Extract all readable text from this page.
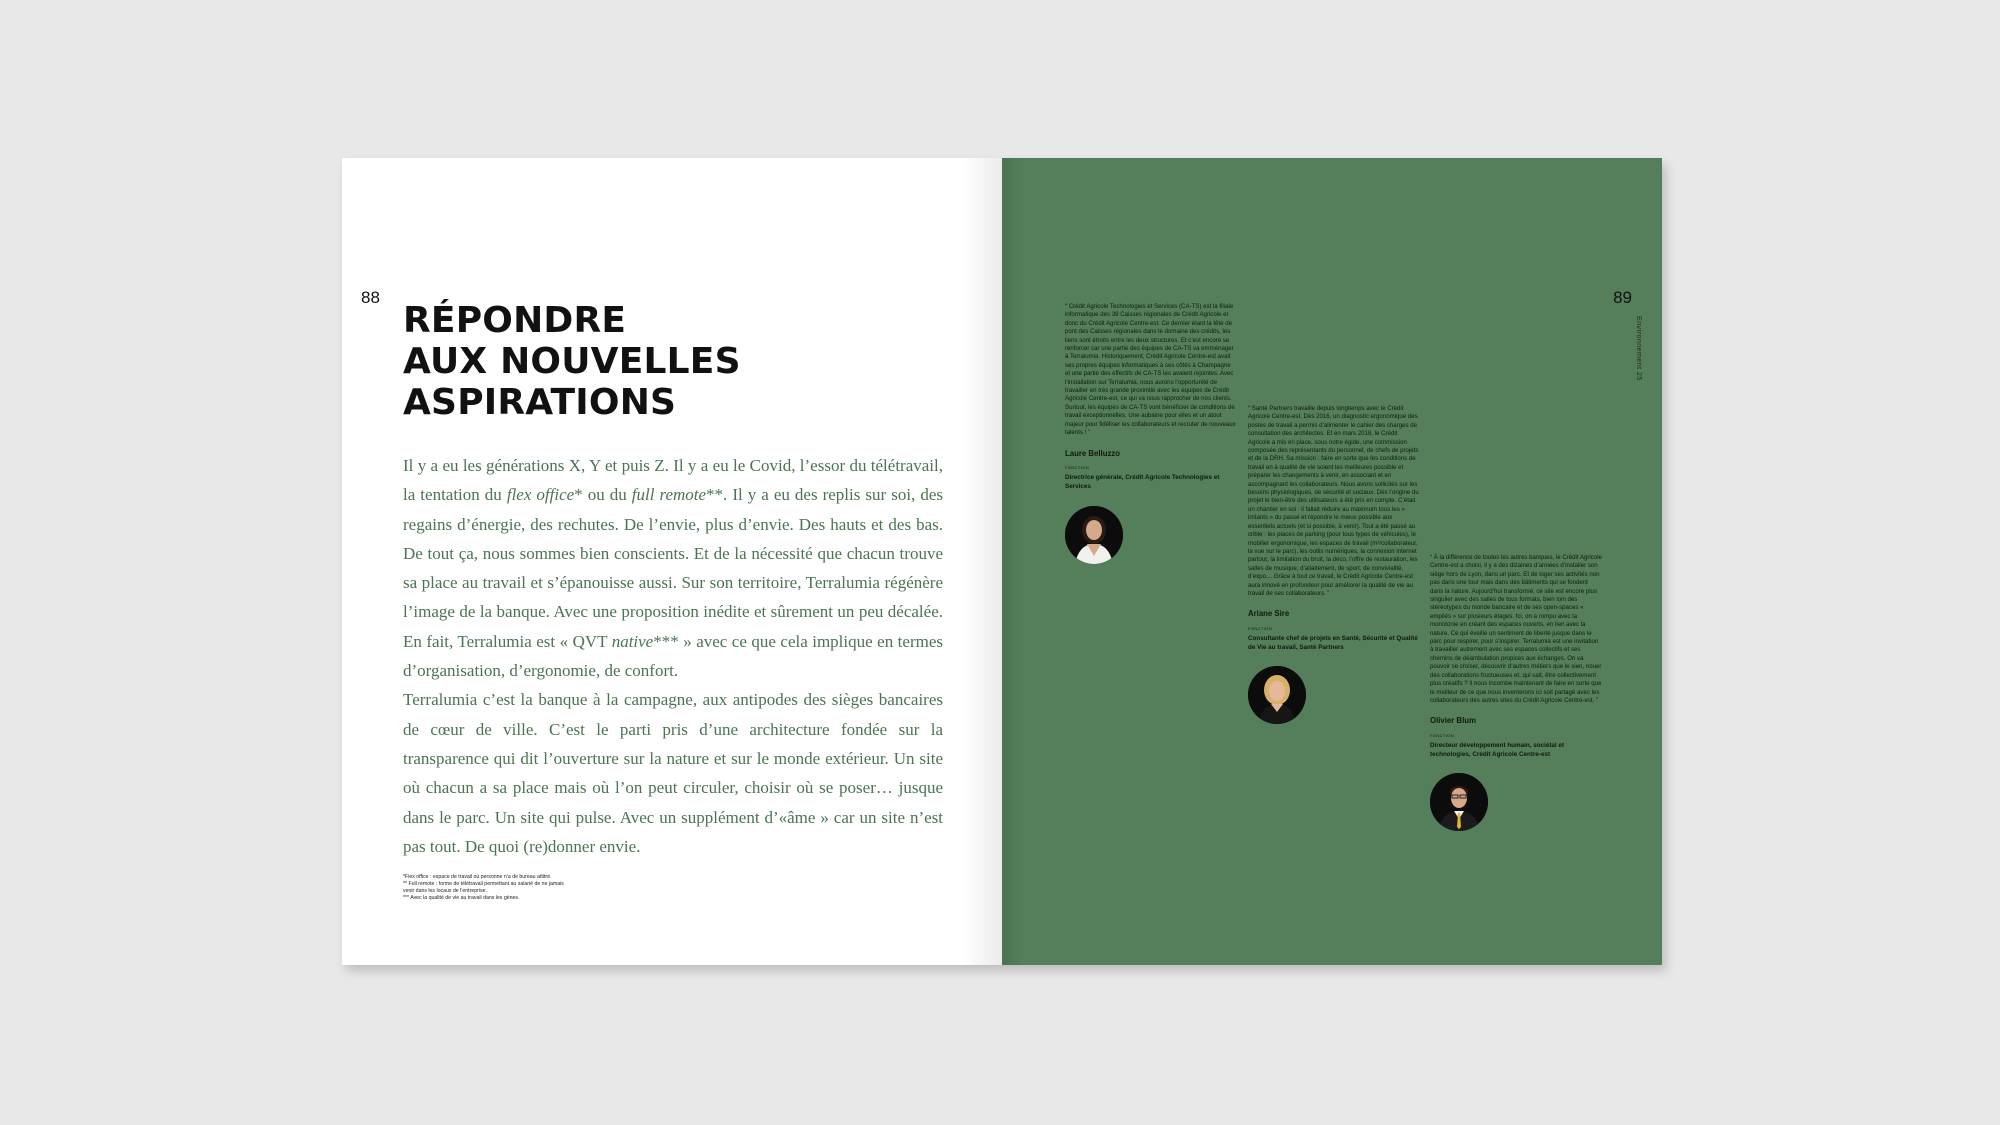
88
RÉPONDRE
AUX NOUVELLES
ASPIRATIONS

Il y a eu les générations X, Y et puis Z. Il y a eu le Covid, l’essor du télétravail, la tentation du flex office* ou du full remote**. Il y a eu des replis sur soi, des regains d’énergie, des rechutes. De l’envie, plus d’envie. Des hauts et des bas. De tout ça, nous sommes bien conscients. Et de la nécessité que chacun trouve sa place au travail et s’épanouisse aussi. Sur son territoire, Terralumia régénère l’image de la banque. Avec une proposition inédite et sûrement un peu décalée. En fait, Terralumia est « QVT native*** » avec ce que cela implique en termes d’organisation, d’ergonomie, de confort.

Terralumia c’est la banque à la campagne, aux antipodes des sièges bancaires de cœur de ville. C’est le parti pris d’une architecture fondée sur la transparence qui dit l’ouverture sur la nature et sur le monde extérieur. Un site où chacun a sa place mais où l’on peut circuler, choisir où se poser… jusque dans le parc. Un site qui pulse. Avec un supplément d’«âme » car un site n’est pas tout. De quoi (re)donner envie.

*Flex office : espace de travail où personne n’a de bureau attitré.
** Full remote : forme de télétravail permettant au salarié de ne jamais
venir dans les locaux de l’entreprise.
*** Avec la qualité de vie au travail dans les gènes.
89
Environnement 25

“ Crédit Agricole Technologies et Services (CA-TS) est la filiale informatique des 39 Caisses régionales de Crédit Agricole et donc du Crédit Agricole Centre-est. Ce dernier étant la tête de pont des Caisses régionales dans le domaine des crédits, les liens sont étroits entre les deux structures. Et c’est encore se renforcer car une partie des équipes de CA-TS va emménager à Terralumia. Historiquement, Crédit Agricole Centre-est avait ses propres équipes informatiques à ses côtés à Champagne et une partie des effectifs de CA-TS les avaient rejointes. Avec l’installation sur Terralumia, nous aurons l’opportunité de travailler en très grande proximité avec les équipes de Crédit Agricole Centre-est, ce qui va nous rapprocher de nos clients. Surtout, les équipes de CA-TS vont bénéficier de conditions de travail exceptionnelles. Une aubaine pour elles et un atout majeur pour fidéliser les collaborateurs et recruter de nouveaux talents ! ”

Laure Belluzzo

FONCTION

Directrice générale, Crédit Agricole Technologies et Services

“ Santé Partners travaille depuis longtemps avec le Crédit Agricole Centre-est. Dès 2016, un diagnostic ergonomique des postes de travail a permis d’alimenter le cahier des charges de consultation des architectes. Et en mars 2018, le Crédit Agricole a mis en place, sous notre égide, une commission composée des représentants du personnel, de chefs de projets et de la DRH. Sa mission : faire en sorte que les conditions de travail en à qualité de vie soient les meilleures possible et préparer les changements à venir, en associant et en accompagnant les collaborateurs. Nous avons sollicités sur les besoins physiologiques, de sécurité et sociaux. Dès l’origine du projet le bien-être des utilisateurs a été pris en compte. C’était un chantier en soi : il fallait réduire au maximum tous les « irritants » du passé et répondre le mieux possible aux essentiels actuels (et si possible, à venir). Tout a été passé au crible : les places de parking (pour tous types de véhicules), le mobilier ergonomique, les espaces de travail (m²/collaborateur, la vue sur le parc), les outils numériques, la connexion internet partout, la limitation du bruit, la déco, l’offre de restauration, les salles de musique, d’allaitement, de sport, de convivialité, d’expo… Grâce à tout ce travail, le Crédit Agricole Centre-est aura innové en profondeur pour améliorer la qualité de vie au travail de ses collaborateurs. ”

Ariane Sire

FONCTION

Consultante chef de projets en Santé, Sécurité et Qualité de Vie au travail, Santé Partners

“ À la différence de toutes les autres banques, le Crédit Agricole Centre-est a choisi, il y a des dizaines d’années d’installer son siège hors de Lyon, dans un parc. Et de loger ses activités non pas dans une tour mais dans des bâtiments qui se fondent dans la nature. Aujourd’hui transformé, ce site est encore plus singulier avec des salles de tous formats, bien loin des stéréotypes du monde bancaire et de ses open-spaces « empilés » sur plusieurs étages. Ici, on a rompu avec la monotonie en créant des espaces ouverts, en lien avec la nature. Ce qui éveille un sentiment de liberté jusque dans le parc pour respirer, pour s’inspirer. Terralumia est une invitation à travailler autrement avec ses espaces collectifs et ses chemins de déambulation propices aux échanges. On va pouvoir se croiser, découvrir d’autres métiers que le sien, nouer des collaborations fructueuses et, qui sait, être collectivement plus créatifs ? Il nous incombe maintenant de faire en sorte que le meilleur de ce que nous inventerons ici soit partagé avec les collaborateurs des autres sites du Crédit Agricole Centre-est. ”

Olivier Blum

FONCTION

Directeur développement humain, sociétal et technologies, Crédit Agricole Centre-est
